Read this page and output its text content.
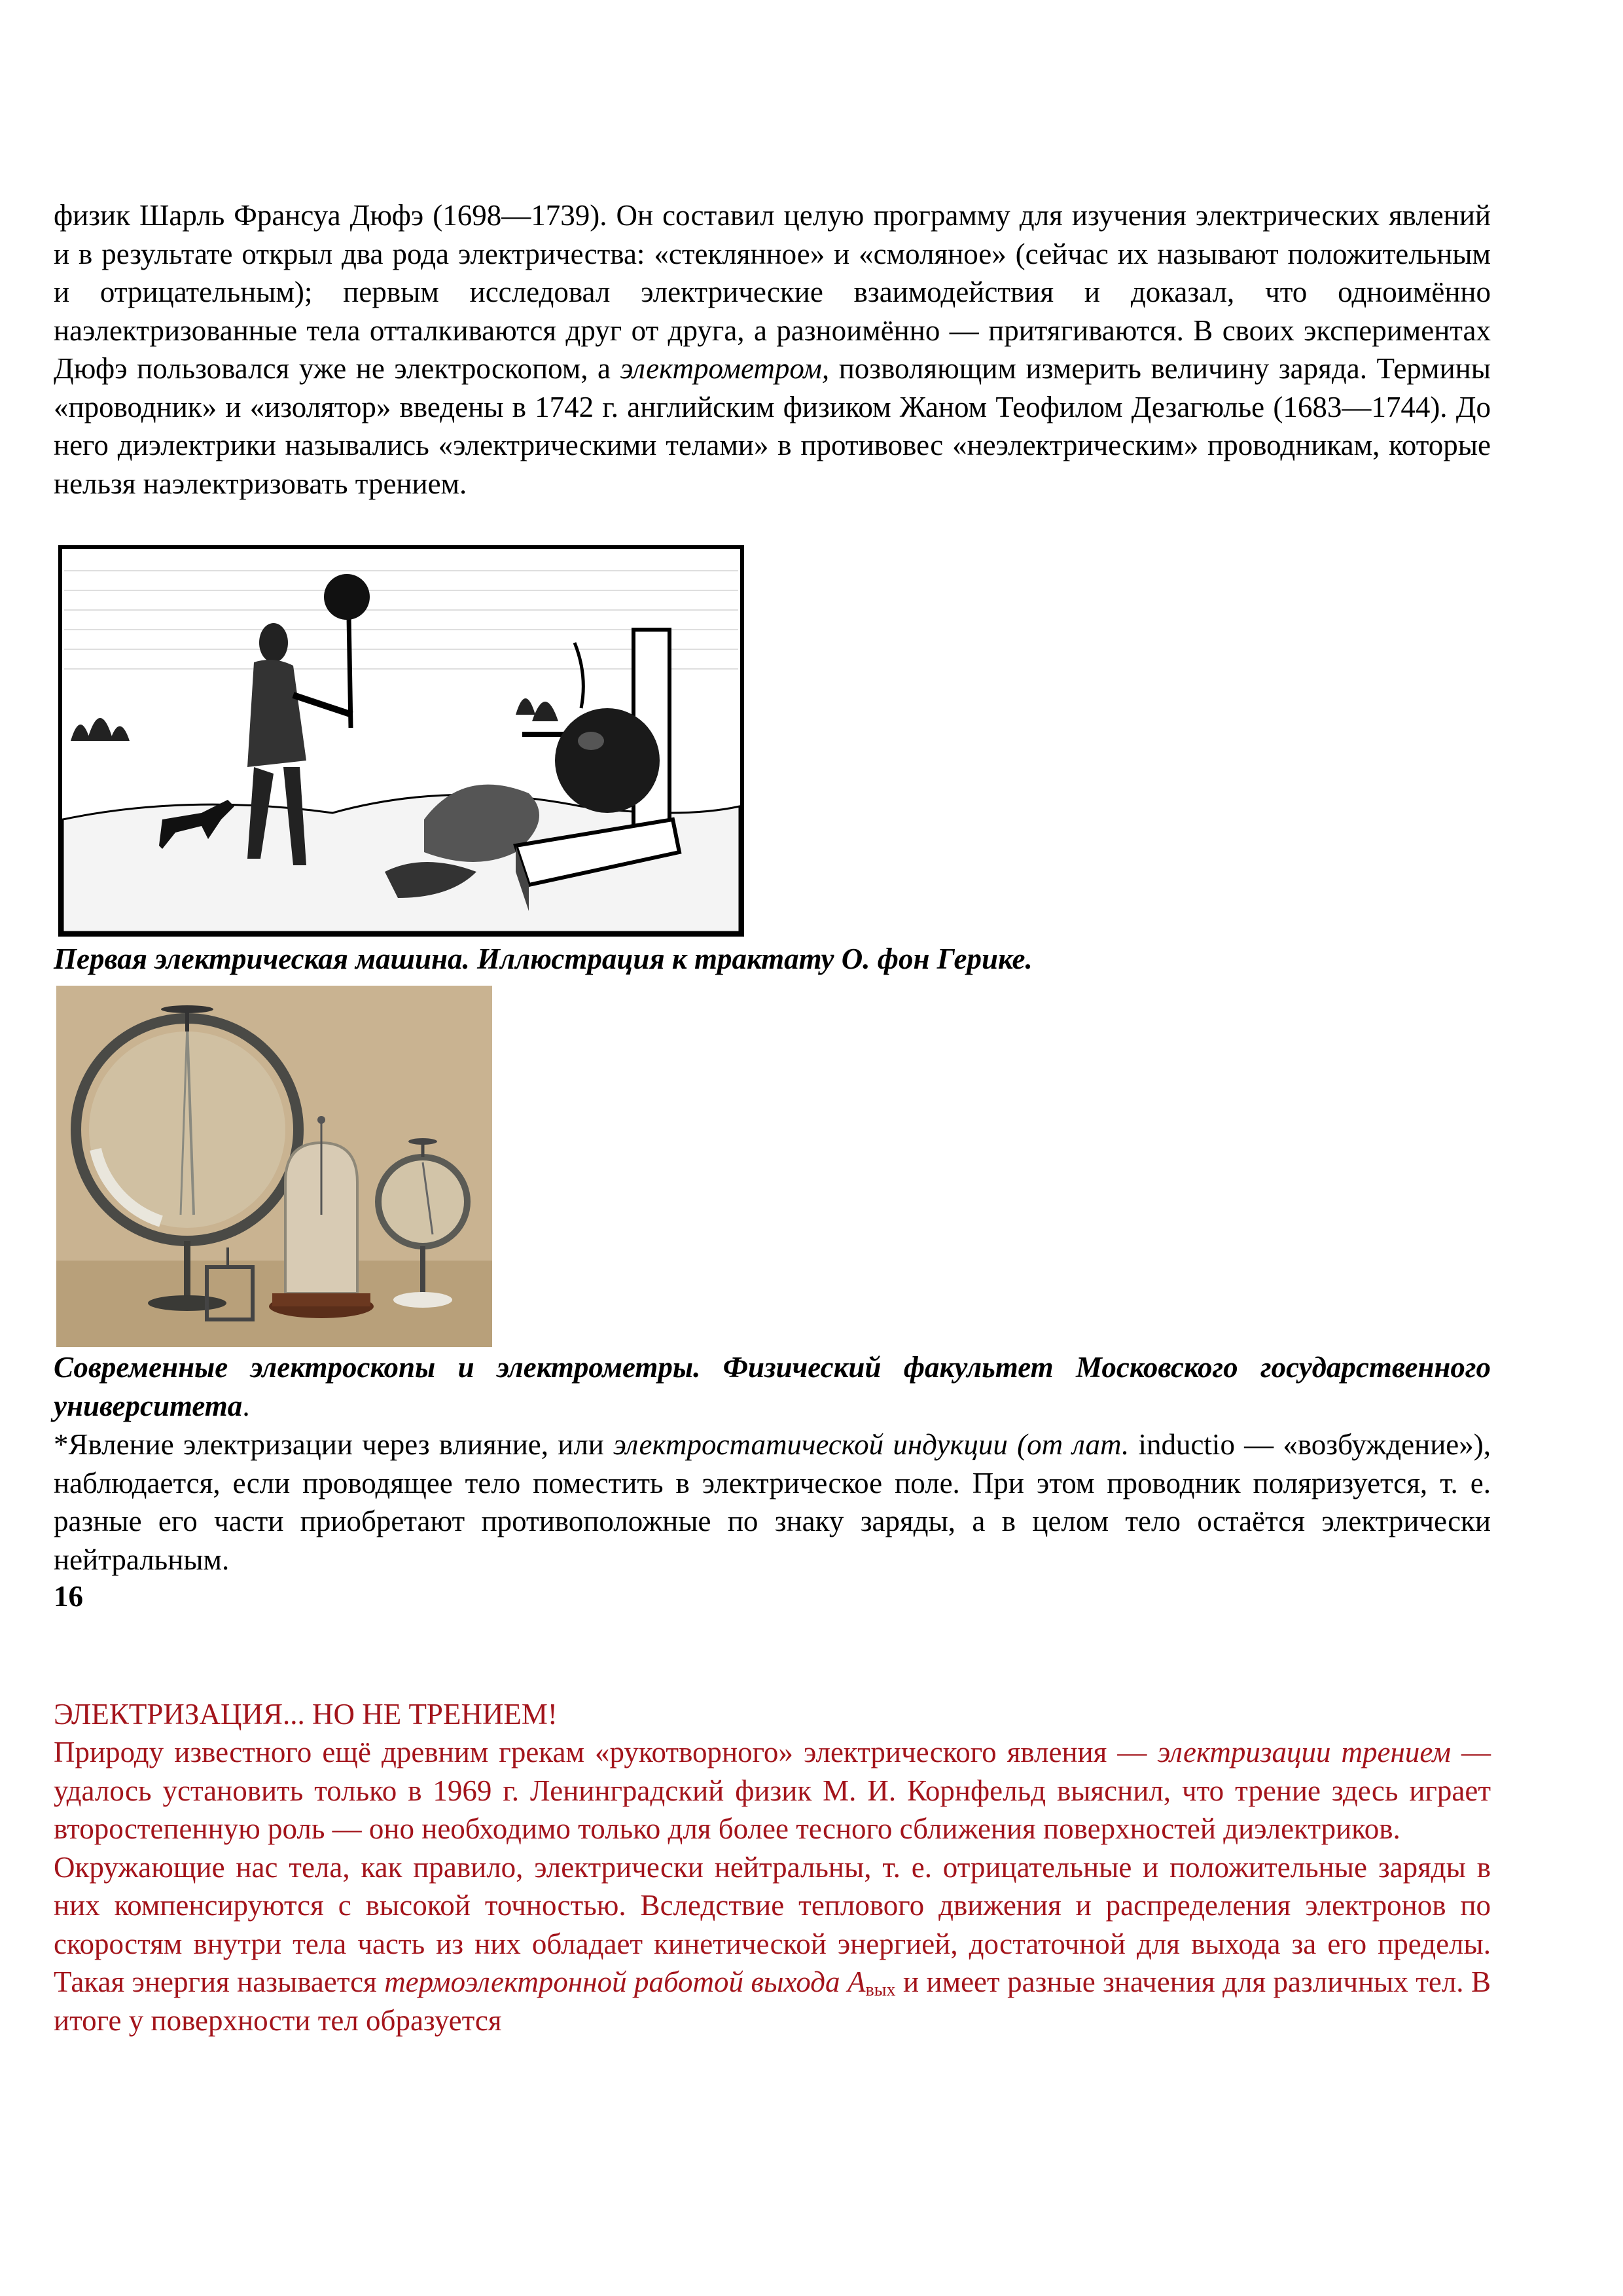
физик Шарль Франсуа Дюфэ (1698—1739). Он составил целую программу для изучения электрических явлений и в результате открыл два рода электричества: «стеклянное» и «смоляное» (сейчас их называют положительным и отрицательным); первым исследовал электрические взаимодействия и доказал, что одноимённо наэлектризованные тела отталкиваются друг от друга, а разноимённо — притягиваются. В своих экспериментах Дюфэ пользовался уже не электроскопом, а электрометром, позволяющим измерить величину заряда. Термины «проводник» и «изолятор» введены в 1742 г. английским физиком Жаном Теофилом Дезагюлье (1683—1744). До него диэлектрики назывались «электрическими телами» в противовес «неэлектрическим» проводникам, которые нельзя наэлектризовать трением.

Первая электрическая машина. Иллюстрация к трактату О. фон Герике.

Современные электроскопы и электрометры. Физический факультет Московского государственного университета.

*Явление электризации через влияние, или электростатической индукции (от лат. inductio — «возбуждение»), наблюдается, если проводящее тело поместить в электрическое поле. При этом проводник поляризуется, т. е. разные его части приобретают противоположные по знаку заряды, а в целом тело остаётся электрически нейтральным.

16

ЭЛЕКТРИЗАЦИЯ... НО НЕ ТРЕНИЕМ!

Природу известного ещё древним грекам «рукотворного» электрического явления — электризации трением — удалось установить только в 1969 г. Ленинградский физик М. И. Корнфельд выяснил, что трение здесь играет второстепенную роль — оно необходимо только для более тесного сближения поверхностей диэлектриков.

Окружающие нас тела, как правило, электрически нейтральны, т. е. отрицательные и положительные заряды в них компенсируются с высокой точностью. Вследствие теплового движения и распределения электронов по скоростям внутри тела часть из них обладает кинетической энергией, достаточной для выхода за его пределы. Такая энергия называется термоэлектронной работой выхода $A_{вых}$ и имеет разные значения для различных тел. В итоге у поверхности тел образуется
